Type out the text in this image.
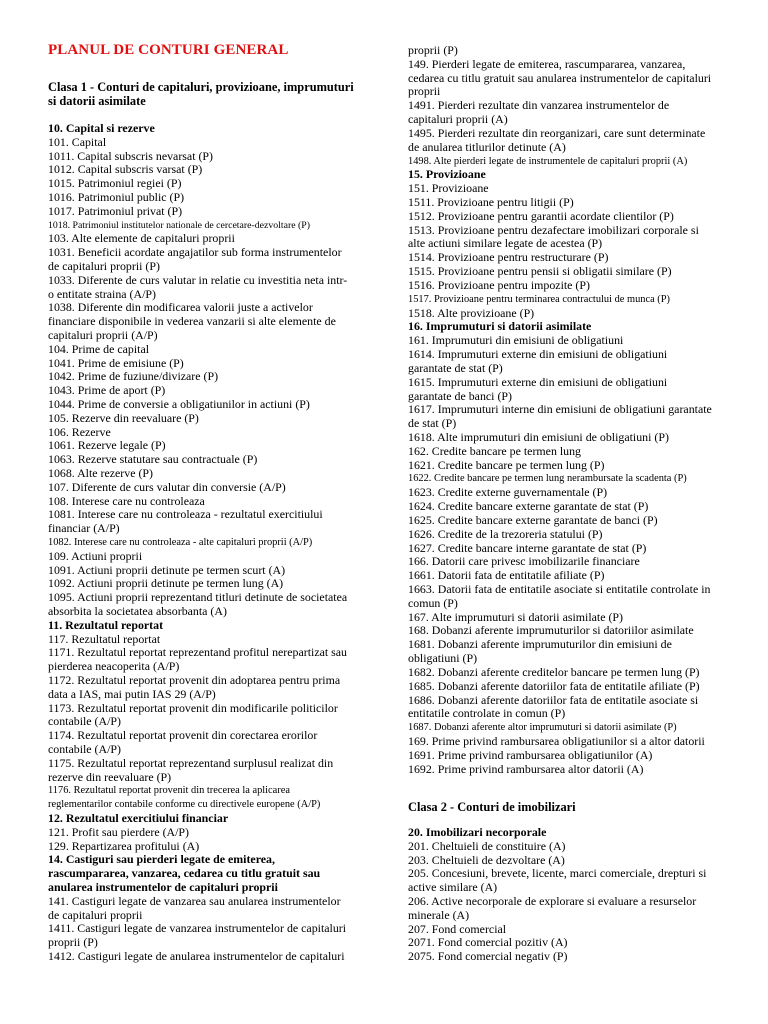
PLANUL DE CONTURI GENERAL
Clasa 1 - Conturi de capitaluri, provizioane, imprumuturi
si datorii asimilate
10. Capital si rezerve
101. Capital
1011. Capital subscris nevarsat (P)
1012. Capital subscris varsat (P)
1015. Patrimoniul regiei (P)
1016. Patrimoniul public (P)
1017. Patrimoniul privat (P)
1018. Patrimoniul institutelor nationale de cercetare-dezvoltare (P)
103. Alte elemente de capitaluri proprii
1031. Beneficii acordate angajatilor sub forma instrumentelor
de capitaluri proprii (P)
1033. Diferente de curs valutar in relatie cu investitia neta intr-
o entitate straina (A/P)
1038. Diferente din modificarea valorii juste a activelor
financiare disponibile in vederea vanzarii si alte elemente de
capitaluri proprii (A/P)
104. Prime de capital
1041. Prime de emisiune (P)
1042. Prime de fuziune/divizare (P)
1043. Prime de aport (P)
1044. Prime de conversie a obligatiunilor in actiuni (P)
105. Rezerve din reevaluare (P)
106. Rezerve
1061. Rezerve legale (P)
1063. Rezerve statutare sau contractuale (P)
1068. Alte rezerve (P)
107. Diferente de curs valutar din conversie (A/P)
108. Interese care nu controleaza
1081. Interese care nu controleaza - rezultatul exercitiului
financiar (A/P)
1082. Interese care nu controleaza - alte capitaluri proprii (A/P)
109. Actiuni proprii
1091. Actiuni proprii detinute pe termen scurt (A)
1092. Actiuni proprii detinute pe termen lung (A)
1095. Actiuni proprii reprezentand titluri detinute de societatea
absorbita la societatea absorbanta (A)
11. Rezultatul reportat
117. Rezultatul reportat
1171. Rezultatul reportat reprezentand profitul nerepartizat sau
pierderea neacoperita (A/P)
1172. Rezultatul reportat provenit din adoptarea pentru prima
data a IAS, mai putin IAS 29 (A/P)
1173. Rezultatul reportat provenit din modificarile politicilor
contabile (A/P)
1174. Rezultatul reportat provenit din corectarea erorilor
contabile (A/P)
1175. Rezultatul reportat reprezentand surplusul realizat din
rezerve din reevaluare (P)
1176. Rezultatul reportat provenit din trecerea la aplicarea
reglementarilor contabile conforme cu directivele europene (A/P)
12. Rezultatul exercitiului financiar
121. Profit sau pierdere (A/P)
129. Repartizarea profitului (A)
14. Castiguri sau pierderi legate de emiterea,
rascumpararea, vanzarea, cedarea cu titlu gratuit sau
anularea instrumentelor de capitaluri proprii
141. Castiguri legate de vanzarea sau anularea instrumentelor
de capitaluri proprii
1411. Castiguri legate de vanzarea instrumentelor de capitaluri
proprii (P)
1412. Castiguri legate de anularea instrumentelor de capitaluri
proprii (P)
149. Pierderi legate de emiterea, rascumpararea, vanzarea,
cedarea cu titlu gratuit sau anularea instrumentelor de capitaluri
proprii
1491. Pierderi rezultate din vanzarea instrumentelor de
capitaluri proprii (A)
1495. Pierderi rezultate din reorganizari, care sunt determinate
de anularea titlurilor detinute (A)
1498. Alte pierderi legate de instrumentele de capitaluri proprii (A)
15. Provizioane
151. Provizioane
1511. Provizioane pentru litigii (P)
1512. Provizioane pentru garantii acordate clientilor (P)
1513. Provizioane pentru dezafectare imobilizari corporale si
alte actiuni similare legate de acestea (P)
1514. Provizioane pentru restructurare (P)
1515. Provizioane pentru pensii si obligatii similare (P)
1516. Provizioane pentru impozite (P)
1517. Provizioane pentru terminarea contractului de munca (P)
1518. Alte provizioane (P)
16. Imprumuturi si datorii asimilate
161. Imprumuturi din emisiuni de obligatiuni
1614. Imprumuturi externe din emisiuni de obligatiuni
garantate de stat (P)
1615. Imprumuturi externe din emisiuni de obligatiuni
garantate de banci (P)
1617. Imprumuturi interne din emisiuni de obligatiuni garantate
de stat (P)
1618. Alte imprumuturi din emisiuni de obligatiuni (P)
162. Credite bancare pe termen lung
1621. Credite bancare pe termen lung (P)
1622. Credite bancare pe termen lung nerambursate la scadenta (P)
1623. Credite externe guvernamentale (P)
1624. Credite bancare externe garantate de stat (P)
1625. Credite bancare externe garantate de banci (P)
1626. Credite de la trezoreria statului (P)
1627. Credite bancare interne garantate de stat (P)
166. Datorii care privesc imobilizarile financiare
1661. Datorii fata de entitatile afiliate (P)
1663. Datorii fata de entitatile asociate si entitatile controlate in
comun (P)
167. Alte imprumuturi si datorii asimilate (P)
168. Dobanzi aferente imprumuturilor si datoriilor asimilate
1681. Dobanzi aferente imprumuturilor din emisiuni de
obligatiuni (P)
1682. Dobanzi aferente creditelor bancare pe termen lung (P)
1685. Dobanzi aferente datoriilor fata de entitatile afiliate (P)
1686. Dobanzi aferente datoriilor fata de entitatile asociate si
entitatile controlate in comun (P)
1687. Dobanzi aferente altor imprumuturi si datorii asimilate (P)
169. Prime privind rambursarea obligatiunilor si a altor datorii
1691. Prime privind rambursarea obligatiunilor (A)
1692. Prime privind rambursarea altor datorii (A)
Clasa 2 - Conturi de imobilizari
20. Imobilizari necorporale
201. Cheltuieli de constituire (A)
203. Cheltuieli de dezvoltare (A)
205. Concesiuni, brevete, licente, marci comerciale, drepturi si
active similare (A)
206. Active necorporale de explorare si evaluare a resurselor
minerale (A)
207. Fond comercial
2071. Fond comercial pozitiv (A)
2075. Fond comercial negativ (P)
